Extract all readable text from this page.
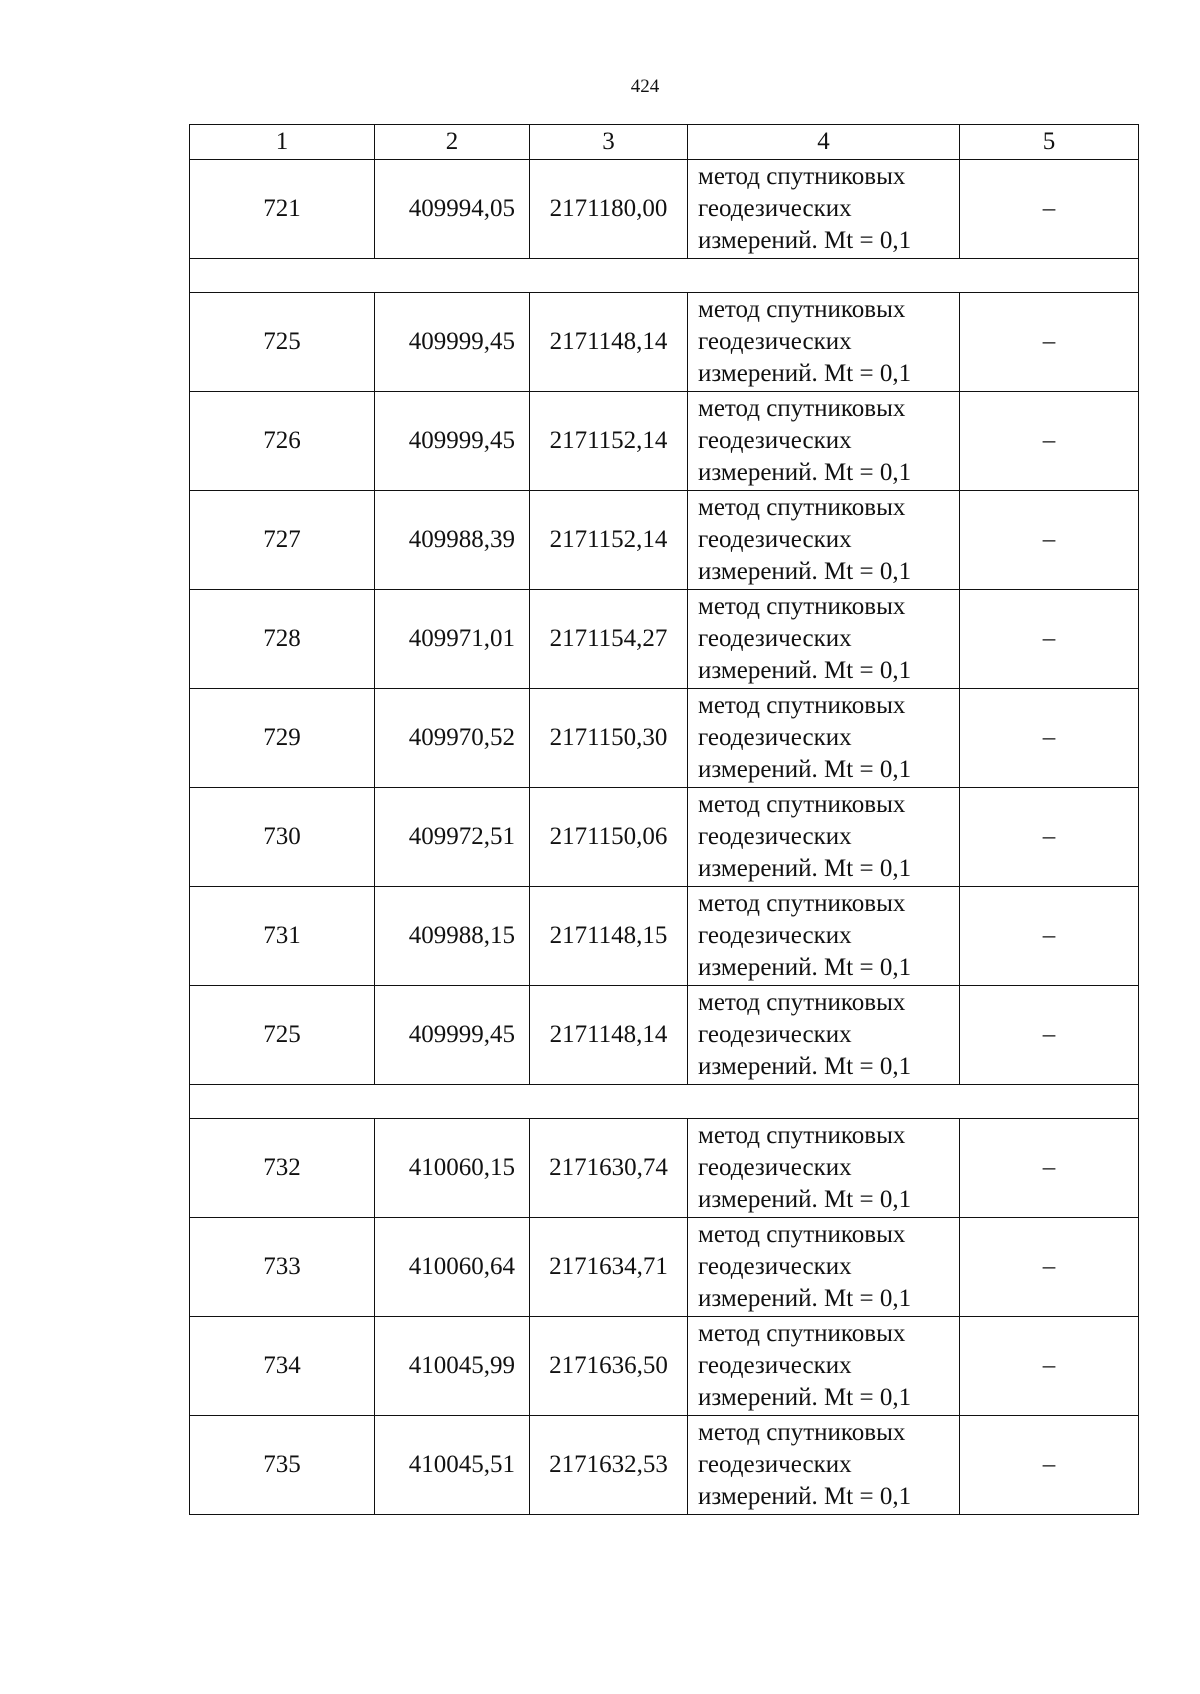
424
1	2	3	4	5
721	409994,05	2171180,00	метод спутниковых
геодезических
измерений. Mt = 0,1	–

725	409999,45	2171148,14	метод спутниковых
геодезических
измерений. Mt = 0,1	–
726	409999,45	2171152,14	метод спутниковых
геодезических
измерений. Mt = 0,1	–
727	409988,39	2171152,14	метод спутниковых
геодезических
измерений. Mt = 0,1	–
728	409971,01	2171154,27	метод спутниковых
геодезических
измерений. Mt = 0,1	–
729	409970,52	2171150,30	метод спутниковых
геодезических
измерений. Mt = 0,1	–
730	409972,51	2171150,06	метод спутниковых
геодезических
измерений. Mt = 0,1	–
731	409988,15	2171148,15	метод спутниковых
геодезических
измерений. Mt = 0,1	–
725	409999,45	2171148,14	метод спутниковых
геодезических
измерений. Mt = 0,1	–

732	410060,15	2171630,74	метод спутниковых
геодезических
измерений. Mt = 0,1	–
733	410060,64	2171634,71	метод спутниковых
геодезических
измерений. Mt = 0,1	–
734	410045,99	2171636,50	метод спутниковых
геодезических
измерений. Mt = 0,1	–
735	410045,51	2171632,53	метод спутниковых
геодезических
измерений. Mt = 0,1	–
